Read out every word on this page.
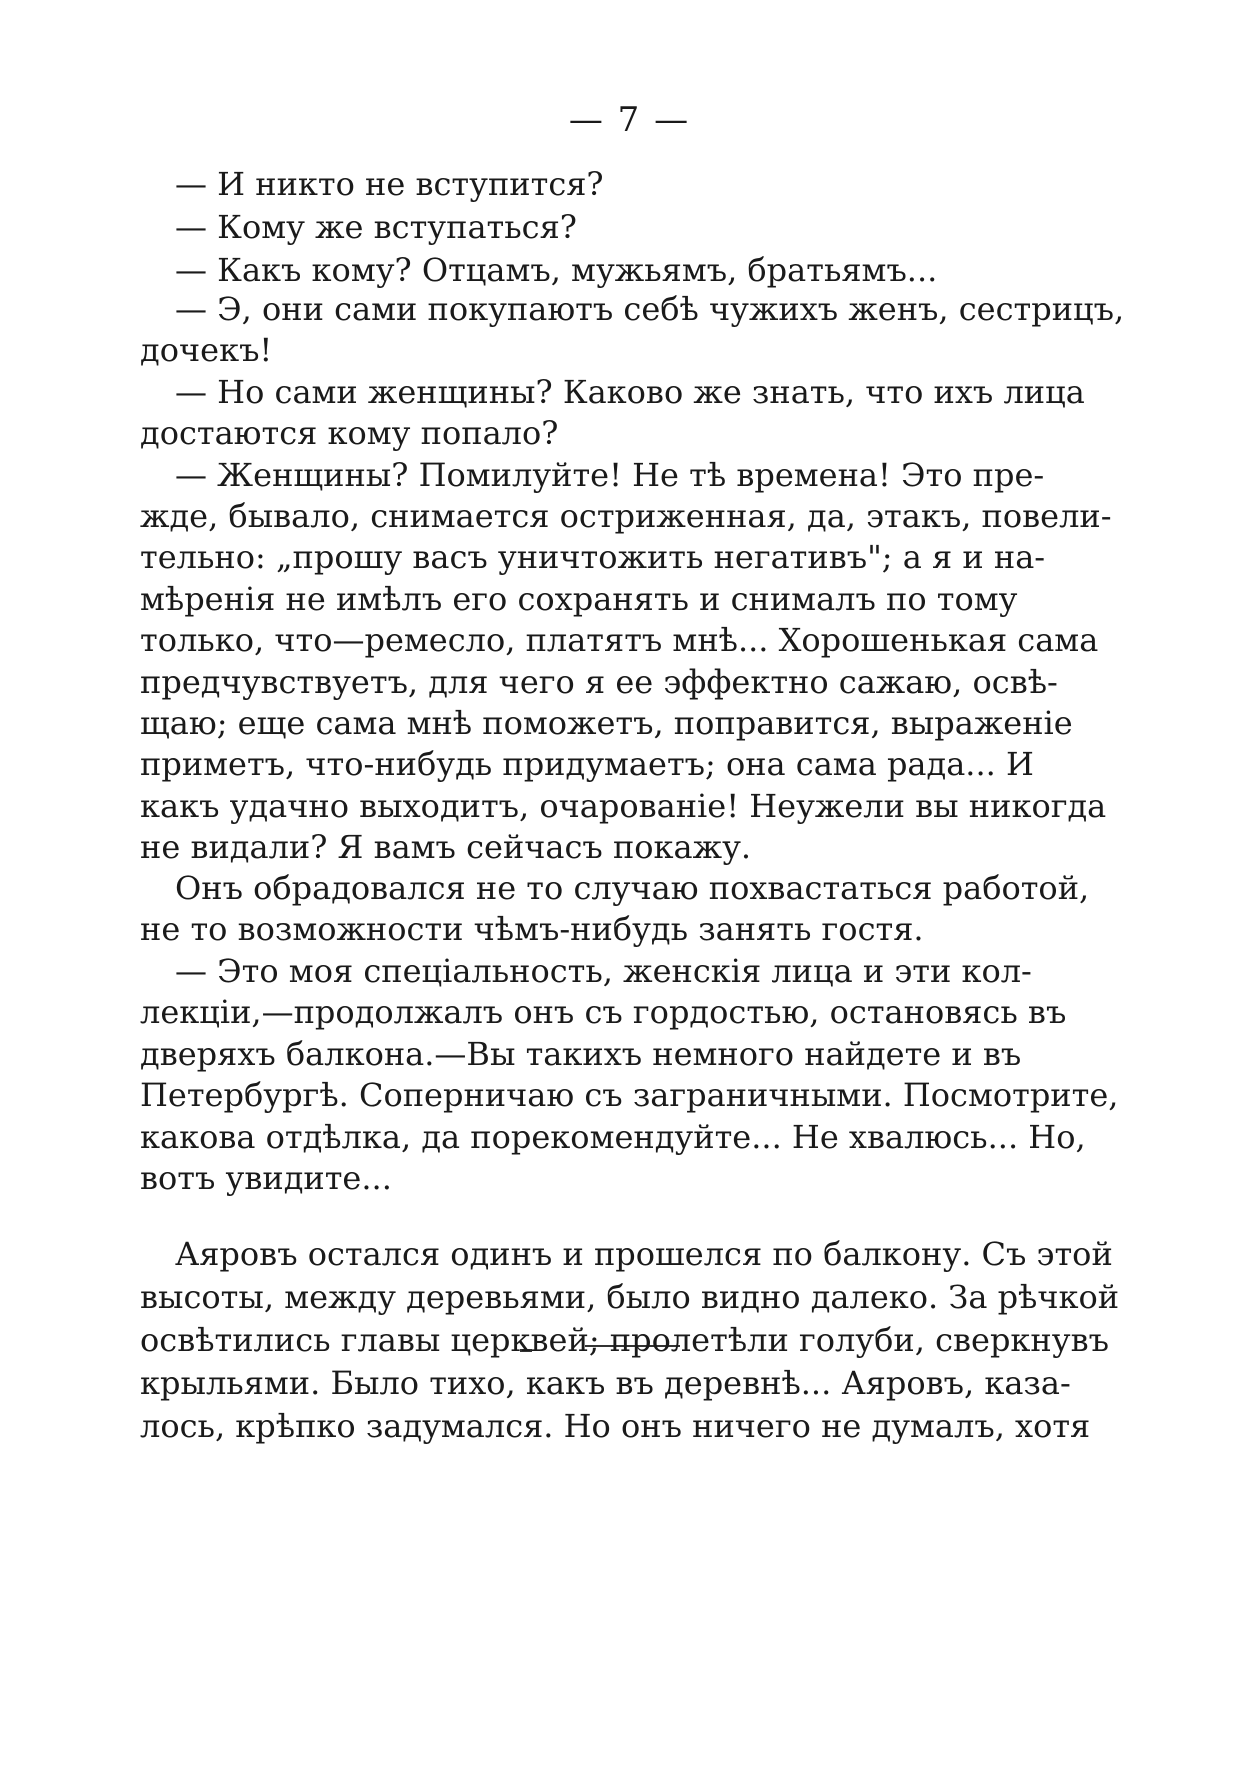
— 7 —
— И никто не вступится?
— Кому же вступаться?
— Какъ кому? Отцамъ, мужьямъ, братьямъ...
— Э, они сами покупаютъ себѣ чужихъ женъ, сестрицъ,
дочекъ!
— Но сами женщины? Каково же знать, что ихъ лица
достаются кому попало?
— Женщины? Помилуйте! Не тѣ времена! Это пре-
жде, бывало, снимается остриженная, да, этакъ, повели-
тельно: „прошу васъ уничтожить негативъ"; а я и на-
мѣренія не имѣлъ его сохранять и снималъ по тому
только, что—ремесло, платятъ мнѣ... Хорошенькая сама
предчувствуетъ, для чего я ее эффектно сажаю, освѣ-
щаю; еще сама мнѣ поможетъ, поправится, выраженіе
приметъ, что-нибудь придумаетъ; она сама рада... И
какъ удачно выходитъ, очарованіе! Неужели вы никогда
не видали? Я вамъ сейчасъ покажу.
Онъ обрадовался не то случаю похвастаться работой,
не то возможности чѣмъ-нибудь занять гостя.
— Это моя спеціальность, женскія лица и эти кол-
лекціи,—продолжалъ онъ съ гордостью, остановясь въ
дверяхъ балкона.—Вы такихъ немного найдете и въ
Петербургѣ. Соперничаю съ заграничными. Посмотрите,
какова отдѣлка, да порекомендуйте... Не хвалюсь... Но,
вотъ увидите...
Аяровъ остался одинъ и прошелся по балкону. Съ этой
высоты, между деревьями, было видно далеко. За рѣчкой
освѣтились главы церквей; пролетѣли голуби, сверкнувъ
крыльями. Было тихо, какъ въ деревнѣ... Аяровъ, каза-
лось, крѣпко задумался. Но онъ ничего не думалъ, хотя
